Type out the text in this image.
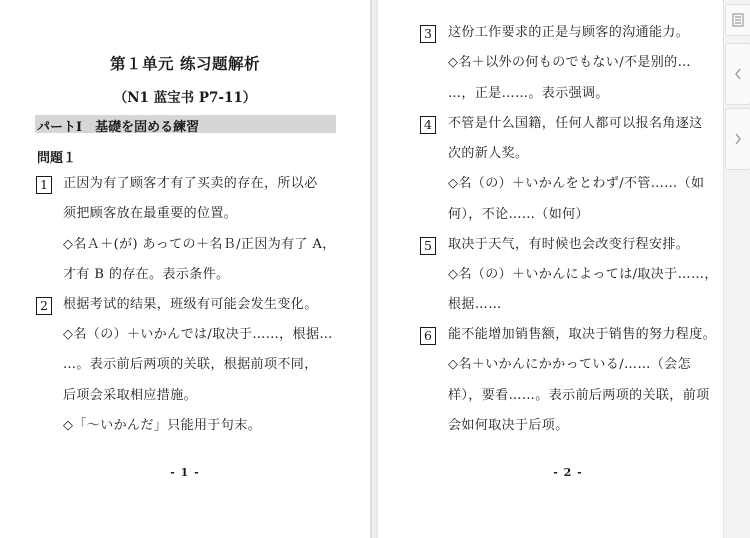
第１单元 练习题解析
（N1 蓝宝书 P7-11）
パートⅠ　基礎を固める練習
問題１
1	正因为有了顾客才有了买卖的存在，所以必
须把顾客放在最重要的位置。
◇名Ａ＋(が) あっての＋名Ｂ/正因为有了 A，
才有 B 的存在。表示条件。
2	根据考试的结果，班级有可能会发生变化。
◇名（の）＋いかんでは/取决于……，根据…
…。表示前后两项的关联，根据前项不同，
后项会采取相应措施。
◇「～いかんだ」只能用于句末。
- 1 -
3	这份工作要求的正是与顾客的沟通能力。
◇名＋以外の何ものでもない/不是别的…
…，正是……。表示强调。
4	不管是什么国籍，任何人都可以报名角逐这
次的新人奖。
◇名（の）＋いかんをとわず/不管……（如
何），不论……（如何）
5	取决于天气，有时候也会改变行程安排。
◇名（の）＋いかんによっては/取决于……，
根据……
6	能不能增加销售额，取决于销售的努力程度。
◇名＋いかんにかかっている/……（会怎
样），要看……。表示前后两项的关联，前项
会如何取决于后项。
- 2 -
